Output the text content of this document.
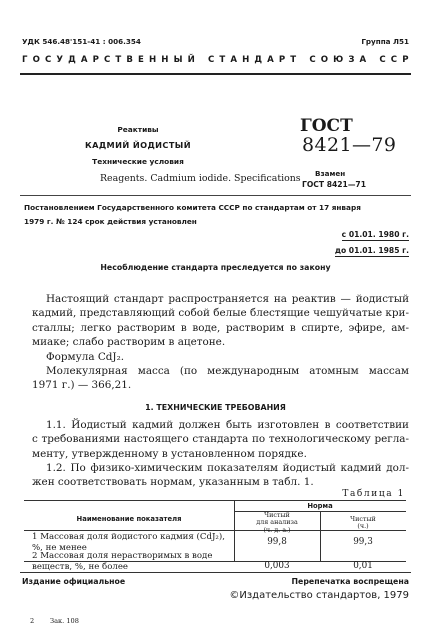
УДК 546.48'151-41 : 006.354	Группа Л51
ГОСУДАРСТВЕННЫЙ СТАНДАРТ СОЮЗА ССР
Реактивы
КАДМИЙ ЙОДИСТЫЙ
Технические условия
Reagents. Cadmium iodide. Specifications
ГОСТ
8421—79
Взамен
ГОСТ 8421—71
Постановлением Государственного комитета СССР по стандартам от 17 января
1979 г. № 124 срок действия установлен
с 01.01. 1980 г.
до 01.01. 1985 г.
Несоблюдение стандарта преследуется по закону
Настоящий стандарт распространяется на реактив — йодистый
кадмий, представляющий собой белые блестящие чешуйчатые кри-
сталлы; легко растворим в воде, растворим в спирте, эфире, ам-
миаке; слабо растворим в ацетоне.
Формула CdJ₂.
Молекулярная масса (по международным атомным массам
1971 г.) — 366,21.
1. ТЕХНИЧЕСКИЕ ТРЕБОВАНИЯ
1.1. Йодистый кадмий должен быть изготовлен в соответствии
с требованиями настоящего стандарта по технологическому регла-
менту, утвержденному в установленном порядке.
1.2. По физико-химическим показателям йодистый кадмий дол-
жен соответствовать нормам, указанным в табл. 1.
Таблица 1
Наименование показателя
Норма
Чистый
для анализа
(ч. д. а.)
Чистый
(ч.)
1 Массовая доля йодистого кадмия (CdJ₂),
%, не менее
99,8	99,3
2 Массовая доля нерастворимых в воде
веществ, %, не более	0,003	0,01
Издание официальное	Перепечатка воспрещена
©Издательство стандартов, 1979
2 Зак. 108
